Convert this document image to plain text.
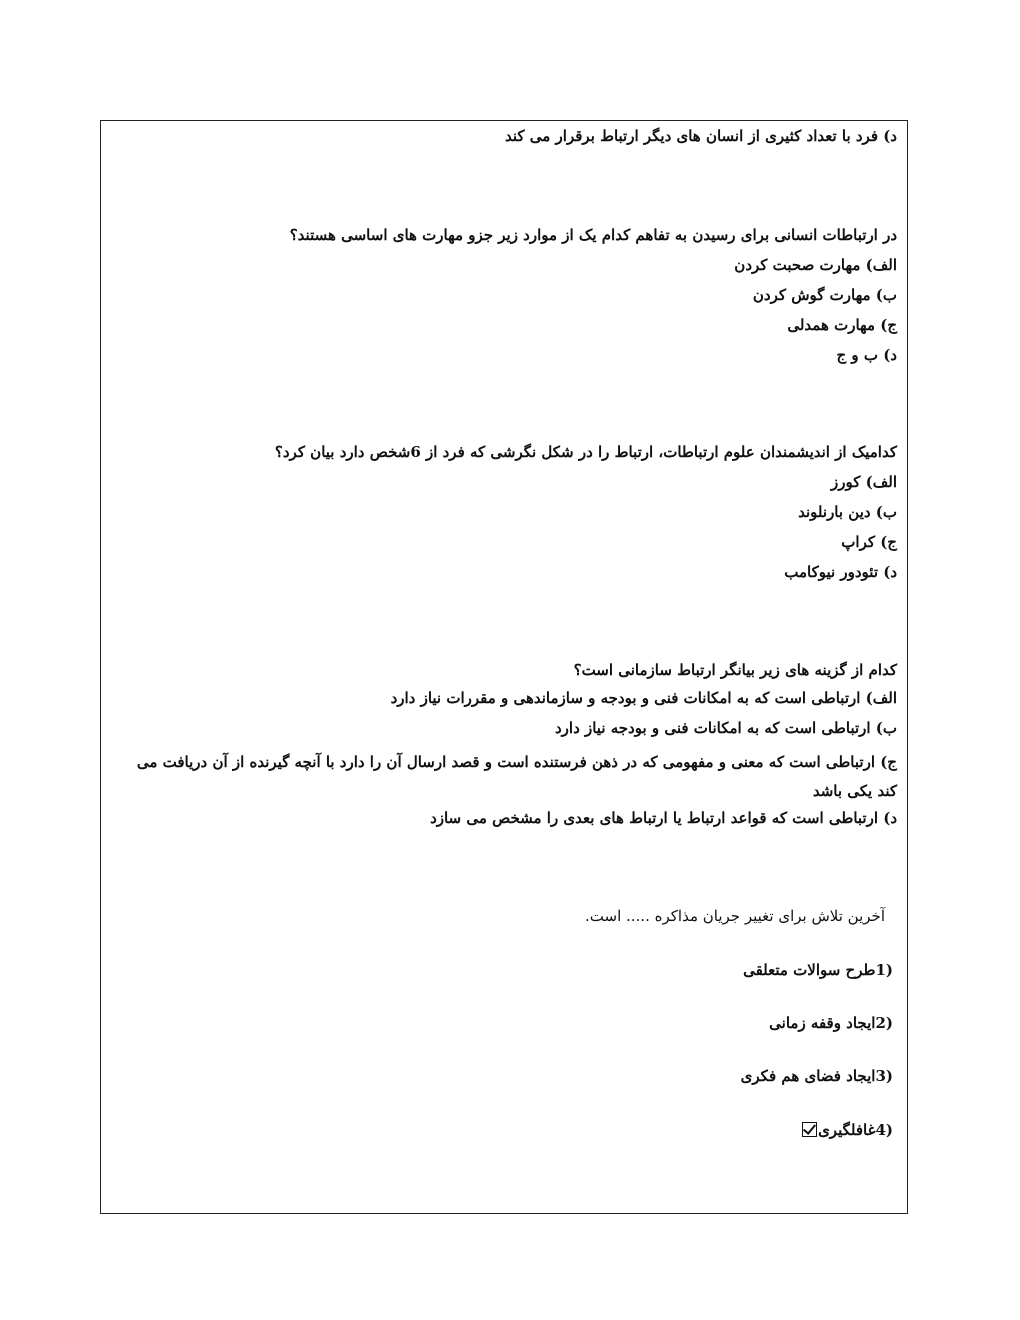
د) فرد با تعداد کثیری از انسان های دیگر ارتباط برقرار می کند
در ارتباطات انسانی برای رسیدن به تفاهم کدام یک از موارد زیر جزو مهارت های اساسی هستند؟
الف) مهارت صحبت کردن
ب) مهارت گوش کردن
ج) مهارت همدلی
د) ب و ج
کدامیک از اندیشمندان علوم ارتباطات، ارتباط را در شکل نگرشی که فرد از 6شخص دارد بیان کرد؟
الف) کورز
ب) دین بارنلوند
ج) کراپ
د) تئودور نیوکامب
کدام از گزینه های زیر بیانگر ارتباط سازمانی است؟
الف) ارتباطی است که به امکانات فنی و بودجه و سازماندهی و مقررات نیاز دارد
ب) ارتباطی است که به امکانات فنی و بودجه نیاز دارد
ج) ارتباطی است که معنی و مفهومی که در ذهن فرستنده است و قصد ارسال آن را دارد با آنچه گیرنده از آن دریافت می کند یکی باشد
د) ارتباطی است که قواعد ارتباط یا ارتباط های بعدی را مشخص می سازد
آخرین تلاش برای تغییر جریان مذاکره ..... است.
(1طرح سوالات متعلقی
(2ایجاد وقفه زمانی
(3ایجاد فضای هم فکری
(4غافلگیری
